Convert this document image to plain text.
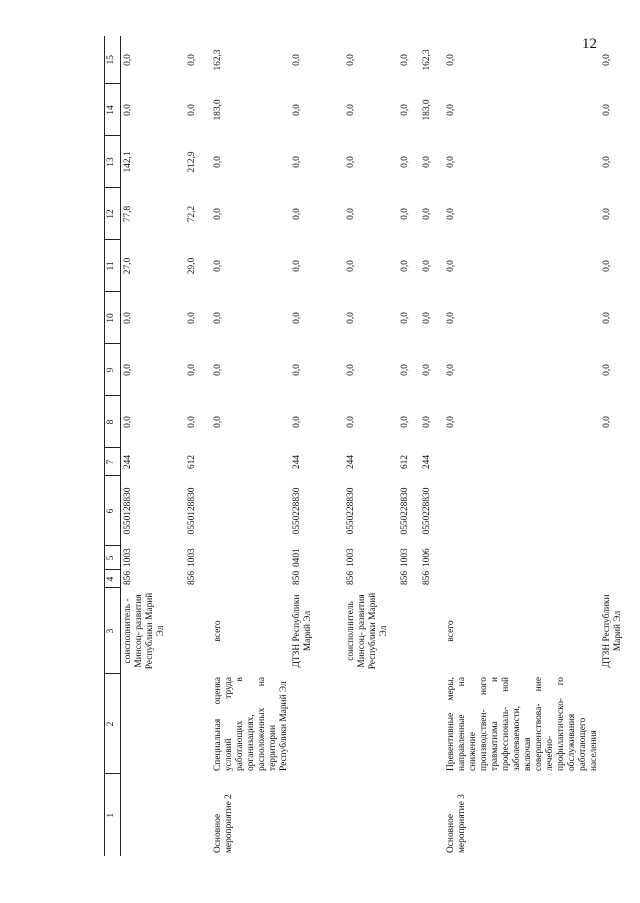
12
1	2	3	4	5	6	7	8	9	10	11	12	13	14	15
		соисполнитель - Минсоц- развития Республики Марий Эл	856	1003	0550128830	244	0,0	0,0	0,0	27,0	77,8	142,1	0,0	0,0
			856	1003	0550128830	612	0,0	0,0	0,0	29,0	72,2	212,9	0,0	0,0
Основное мероприятие 2	Специальная оценка условий труда работающих в организациях, расположенных на территории Республики Марий Эл	всего					0,0	0,0	0,0	0,0	0,0	0,0	183,0	162,3
		ДТЗН Республики Марий Эл	850	0401	0550228830	244	0,0	0,0	0,0	0,0	0,0	0,0	0,0	0,0
		соисполнитель Минсоц- развития Республики Марий Эл	856	1003	0550228830	244	0,0	0,0	0,0	0,0	0,0	0,0	0,0	0,0
			856	1003	0550228830	612	0,0	0,0	0,0	0,0	0,0	0,0	0,0	0,0
			856	1006	0550228830	244	0,0	0,0	0,0	0,0	0,0	0,0	183,0	162,3
Основное мероприятие 3	Превентивные меры, направленные на снижение производствен- ного травматизма и профессиональ- ной заболеваемости, включая совершенствова- ние лечебно- профилактическо- го обслуживания работающего населения	всего					0,0	0,0	0,0	0,0	0,0	0,0	0,0	0,0
		ДТЗН Республики Марий Эл					0,0	0,0	0,0	0,0	0,0	0,0	0,0	0,0
